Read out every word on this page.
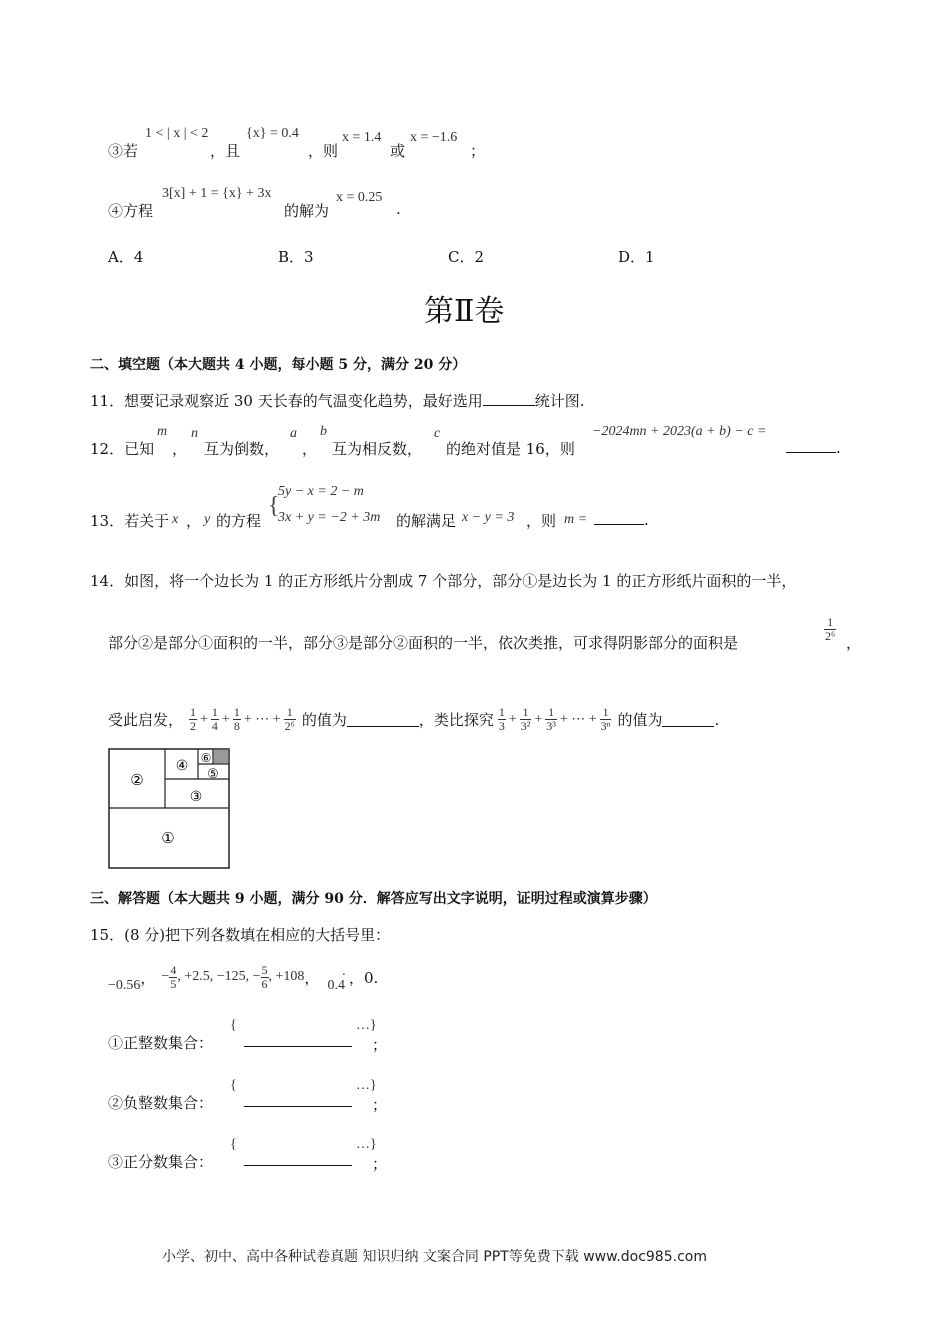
③若
1 < | x | < 2
，且
{x} = 0.4
，则
x = 1.4
或
x = −1.6
；
④方程
3[x] + 1 = {x} + 3x
的解为
x = 0.25
.
A．4	B．3	C．2	D．1
第Ⅱ卷
二、填空题（本大题共 4 小题，每小题 5 分，满分 20 分）
11．想要记录观察近 30 天长春的气温变化趋势，最好选用	统计图.
12．已知
m
，
n
互为倒数，
a
，
b
互为相反数，
c
的绝对值是 16，则
−2024mn + 2023(a + b) − c =
.
13．若关于 x ， y 的方程
{
5y − x = 2 − m
3x + y = −2 + 3m 的解满足 x − y = 3 ，则 m =	.
14．如图，将一个边长为 1 的正方形纸片分割成 7 个部分，部分①是边长为 1 的正方形纸片面积的一半，
部分②是部分①面积的一半，部分③是部分②面积的一半，依次类推，可求得阴影部分的面积是	$\frac{1}{\text{2⁶}}$ ，
受此启发， $\frac{1}{2} + \frac{1}{4} + \frac{1}{8}$ + ⋯ + $\frac{1}{\text{2⁶}}$ 的值为	，类比探究 $\frac{1}{3} + \frac{1}{\text{3²}} + \frac{1}{\text{3³}}$ + ⋯ + $\frac{1}{\text{3ⁿ}}$ 的值为	.
①
②
③
④
⑤
⑥
三、解答题（本大题共 9 小题，满分 90 分．解答应写出文字说明，证明过程或演算步骤）
15．(8 分)把下列各数填在相应的大括号里：
−0.56 ， − $\frac{4}{5}$ , +2.5, −125, − $\frac{5}{6}$ , +108 ， 0.4
· ，0.
①正整数集合：
{	…}
；
②负整数集合：
{	…}
；
③正分数集合：
{	…}
；
小学、初中、高中各种试卷真题 知识归纳 文案合同 PPT等免费下载 www.doc985.com
